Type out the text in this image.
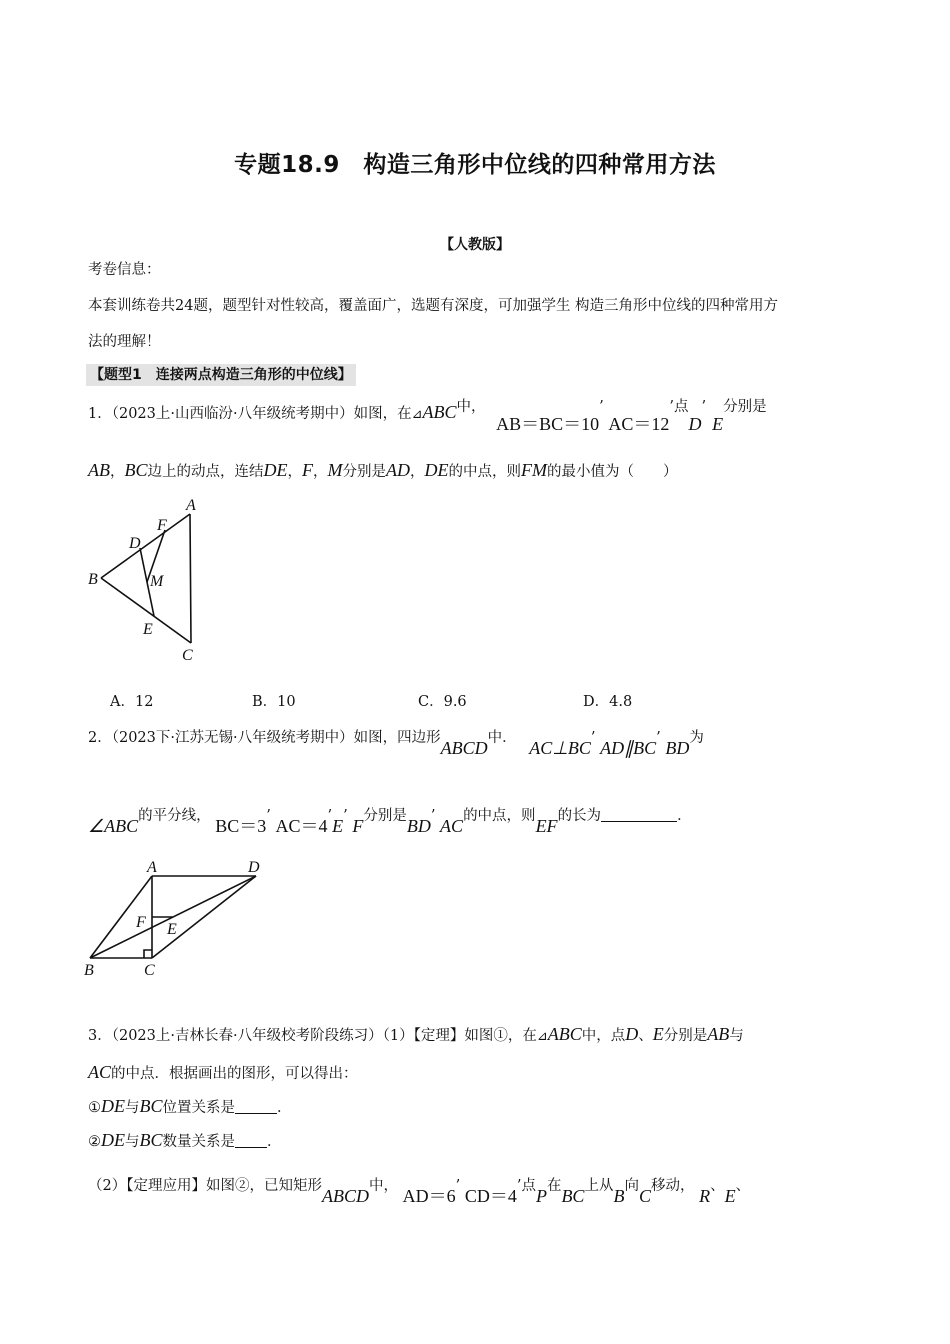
专题18.9　构造三角形中位线的四种常用方法
【人教版】
考卷信息：
本套训练卷共24题，题型针对性较高，覆盖面广，选题有深度，可加强学生 构造三角形中位线的四种常用方
法的理解！
【题型1　连接两点构造三角形的中位线】
1．（2023上·山西临汾·八年级统考期中）如图，在⊿ABC中， AB＝BC＝10’ AC＝12’点D’E分别是
AB，BC边上的动点，连结DE，F，M分别是AD，DE的中点，则FM的最小值为（　　）
A
F
D
B	M
E
C
A．12	B．10	C．9.6	D．4.8
2．（2023下·江苏无锡·八年级统考期中）如图，四边形ABCD中． AC⊥BC’ AD∥BC’ BD为
∠ABC的平分线， BC＝3’ AC＝4’E’ F分别是BD’ AC的中点，则EF的长为	．
A	D
F E
B	C
3．（2023上·吉林长春·八年级校考阶段练习）（1）【定理】如图①，在⊿ABC中，点D、E分别是AB与
AC的中点．根据画出的图形，可以得出：
①DE与BC位置关系是	．
②DE与BC数量关系是 ．
（2）【定理应用】如图②，已知矩形ABCD中， AD＝6’ CD＝4’点P在BC上从B向C移动， R、E、
